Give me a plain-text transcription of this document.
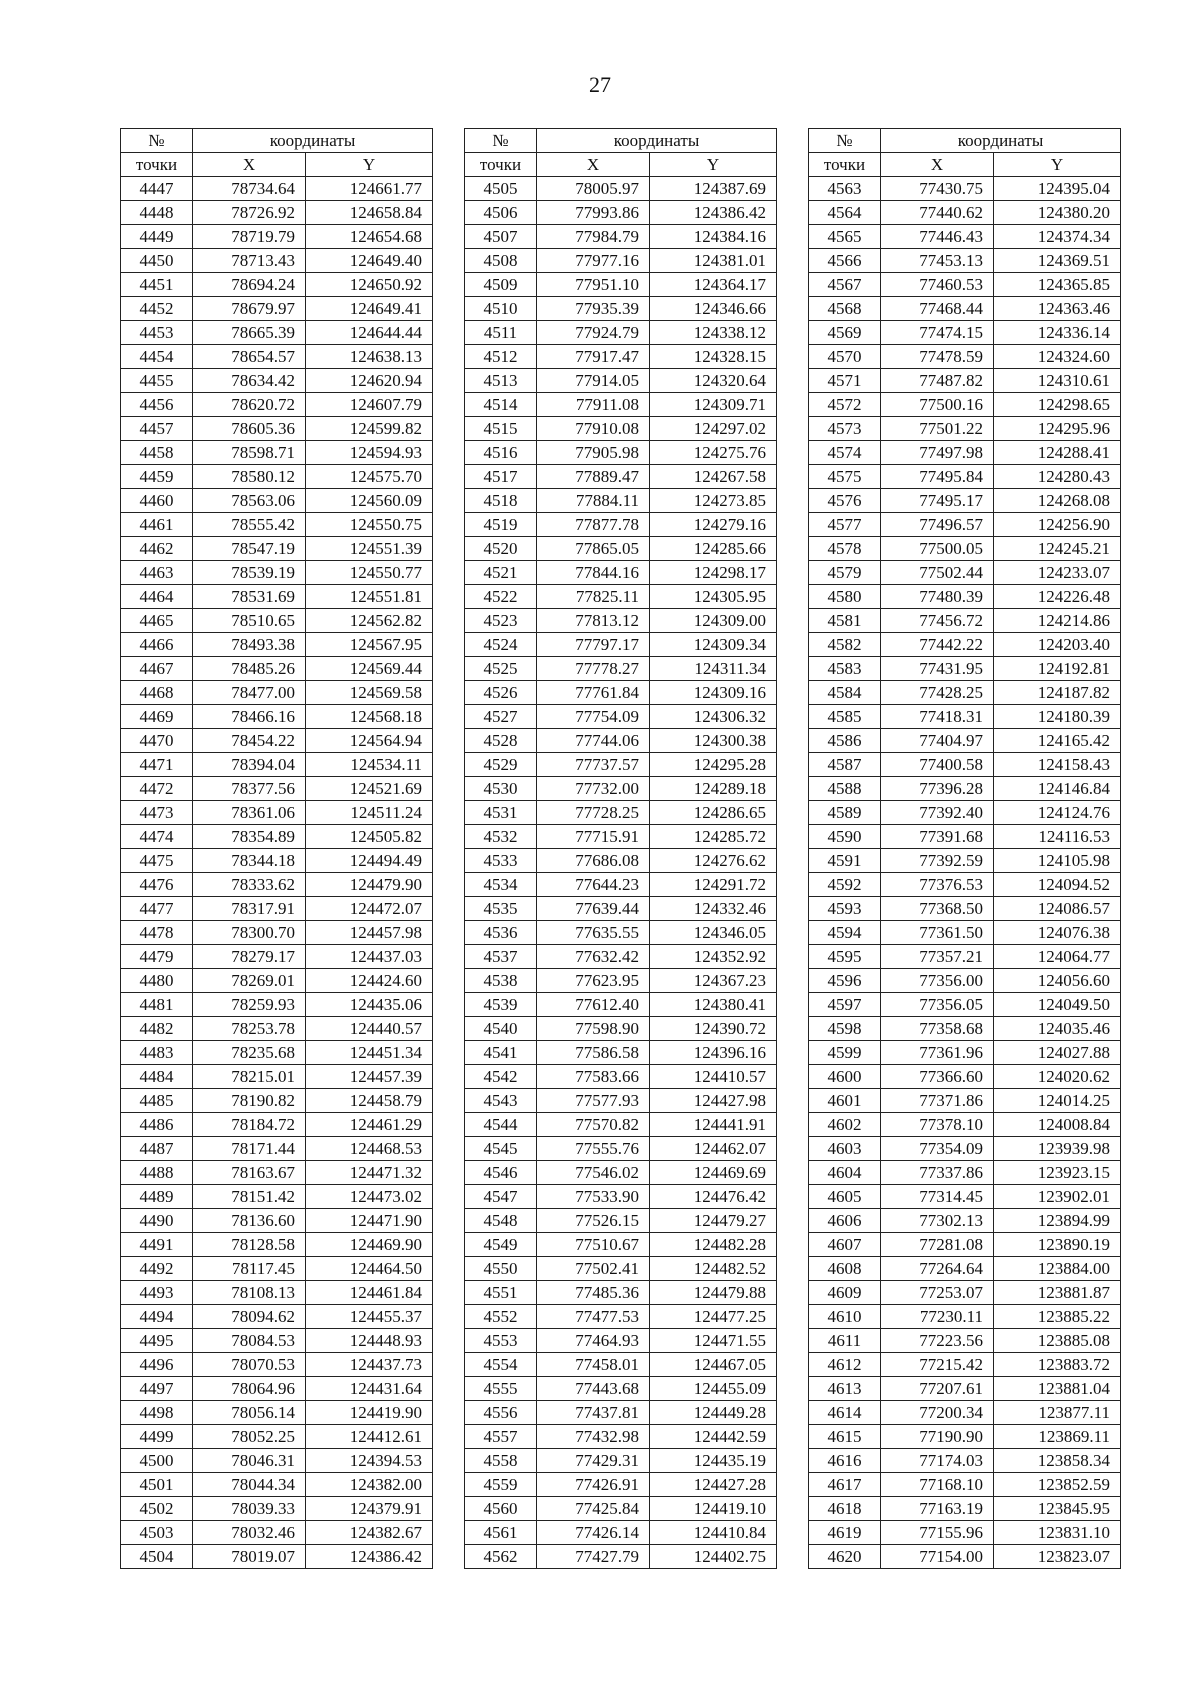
27
№	координаты	
точки	X	Y
4447	78734.64	124661.77
4448	78726.92	124658.84
4449	78719.79	124654.68
4450	78713.43	124649.40
4451	78694.24	124650.92
4452	78679.97	124649.41
4453	78665.39	124644.44
4454	78654.57	124638.13
4455	78634.42	124620.94
4456	78620.72	124607.79
4457	78605.36	124599.82
4458	78598.71	124594.93
4459	78580.12	124575.70
4460	78563.06	124560.09
4461	78555.42	124550.75
4462	78547.19	124551.39
4463	78539.19	124550.77
4464	78531.69	124551.81
4465	78510.65	124562.82
4466	78493.38	124567.95
4467	78485.26	124569.44
4468	78477.00	124569.58
4469	78466.16	124568.18
4470	78454.22	124564.94
4471	78394.04	124534.11
4472	78377.56	124521.69
4473	78361.06	124511.24
4474	78354.89	124505.82
4475	78344.18	124494.49
4476	78333.62	124479.90
4477	78317.91	124472.07
4478	78300.70	124457.98
4479	78279.17	124437.03
4480	78269.01	124424.60
4481	78259.93	124435.06
4482	78253.78	124440.57
4483	78235.68	124451.34
4484	78215.01	124457.39
4485	78190.82	124458.79
4486	78184.72	124461.29
4487	78171.44	124468.53
4488	78163.67	124471.32
4489	78151.42	124473.02
4490	78136.60	124471.90
4491	78128.58	124469.90
4492	78117.45	124464.50
4493	78108.13	124461.84
4494	78094.62	124455.37
4495	78084.53	124448.93
4496	78070.53	124437.73
4497	78064.96	124431.64
4498	78056.14	124419.90
4499	78052.25	124412.61
4500	78046.31	124394.53
4501	78044.34	124382.00
4502	78039.33	124379.91
4503	78032.46	124382.67
4504	78019.07	124386.42
№	координаты	
точки	X	Y
4505	78005.97	124387.69
4506	77993.86	124386.42
4507	77984.79	124384.16
4508	77977.16	124381.01
4509	77951.10	124364.17
4510	77935.39	124346.66
4511	77924.79	124338.12
4512	77917.47	124328.15
4513	77914.05	124320.64
4514	77911.08	124309.71
4515	77910.08	124297.02
4516	77905.98	124275.76
4517	77889.47	124267.58
4518	77884.11	124273.85
4519	77877.78	124279.16
4520	77865.05	124285.66
4521	77844.16	124298.17
4522	77825.11	124305.95
4523	77813.12	124309.00
4524	77797.17	124309.34
4525	77778.27	124311.34
4526	77761.84	124309.16
4527	77754.09	124306.32
4528	77744.06	124300.38
4529	77737.57	124295.28
4530	77732.00	124289.18
4531	77728.25	124286.65
4532	77715.91	124285.72
4533	77686.08	124276.62
4534	77644.23	124291.72
4535	77639.44	124332.46
4536	77635.55	124346.05
4537	77632.42	124352.92
4538	77623.95	124367.23
4539	77612.40	124380.41
4540	77598.90	124390.72
4541	77586.58	124396.16
4542	77583.66	124410.57
4543	77577.93	124427.98
4544	77570.82	124441.91
4545	77555.76	124462.07
4546	77546.02	124469.69
4547	77533.90	124476.42
4548	77526.15	124479.27
4549	77510.67	124482.28
4550	77502.41	124482.52
4551	77485.36	124479.88
4552	77477.53	124477.25
4553	77464.93	124471.55
4554	77458.01	124467.05
4555	77443.68	124455.09
4556	77437.81	124449.28
4557	77432.98	124442.59
4558	77429.31	124435.19
4559	77426.91	124427.28
4560	77425.84	124419.10
4561	77426.14	124410.84
4562	77427.79	124402.75
№	координаты	
точки	X	Y
4563	77430.75	124395.04
4564	77440.62	124380.20
4565	77446.43	124374.34
4566	77453.13	124369.51
4567	77460.53	124365.85
4568	77468.44	124363.46
4569	77474.15	124336.14
4570	77478.59	124324.60
4571	77487.82	124310.61
4572	77500.16	124298.65
4573	77501.22	124295.96
4574	77497.98	124288.41
4575	77495.84	124280.43
4576	77495.17	124268.08
4577	77496.57	124256.90
4578	77500.05	124245.21
4579	77502.44	124233.07
4580	77480.39	124226.48
4581	77456.72	124214.86
4582	77442.22	124203.40
4583	77431.95	124192.81
4584	77428.25	124187.82
4585	77418.31	124180.39
4586	77404.97	124165.42
4587	77400.58	124158.43
4588	77396.28	124146.84
4589	77392.40	124124.76
4590	77391.68	124116.53
4591	77392.59	124105.98
4592	77376.53	124094.52
4593	77368.50	124086.57
4594	77361.50	124076.38
4595	77357.21	124064.77
4596	77356.00	124056.60
4597	77356.05	124049.50
4598	77358.68	124035.46
4599	77361.96	124027.88
4600	77366.60	124020.62
4601	77371.86	124014.25
4602	77378.10	124008.84
4603	77354.09	123939.98
4604	77337.86	123923.15
4605	77314.45	123902.01
4606	77302.13	123894.99
4607	77281.08	123890.19
4608	77264.64	123884.00
4609	77253.07	123881.87
4610	77230.11	123885.22
4611	77223.56	123885.08
4612	77215.42	123883.72
4613	77207.61	123881.04
4614	77200.34	123877.11
4615	77190.90	123869.11
4616	77174.03	123858.34
4617	77168.10	123852.59
4618	77163.19	123845.95
4619	77155.96	123831.10
4620	77154.00	123823.07
